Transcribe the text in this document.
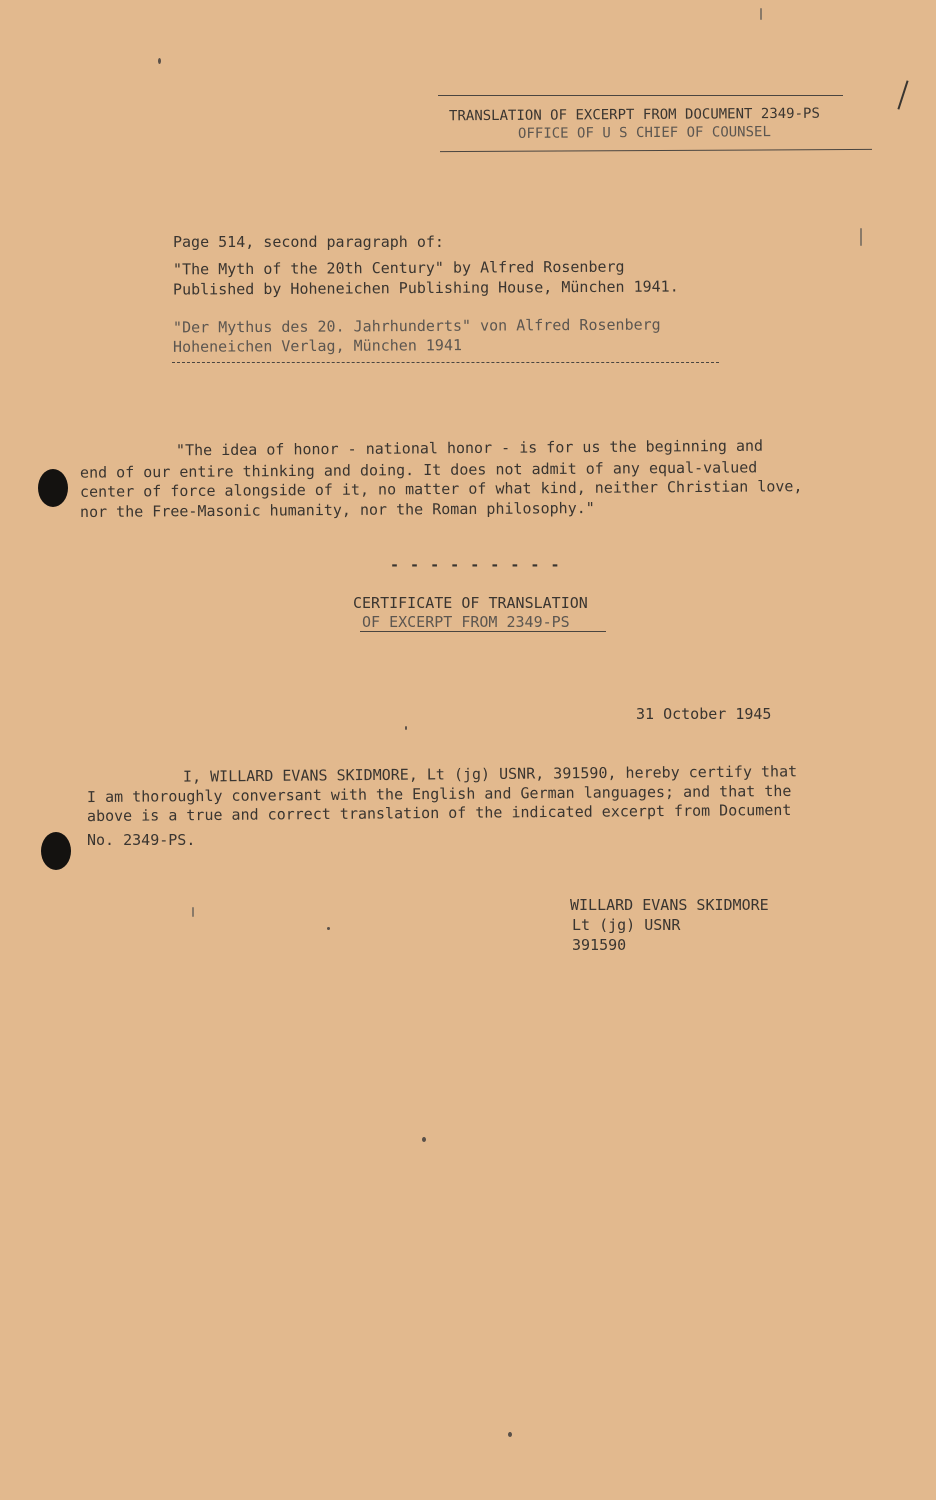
TRANSLATION OF EXCERPT FROM DOCUMENT 2349-PS
OFFICE OF U S CHIEF OF COUNSEL
Page 514, second paragraph of:
"The Myth of the 20th Century" by Alfred Rosenberg
Published by Hoheneichen Publishing House, München 1941.
"Der Mythus des 20. Jahrhunderts" von Alfred Rosenberg
Hoheneichen Verlag, München 1941
"The idea of honor - national honor - is for us the beginning and
end of our entire thinking and doing. It does not admit of any equal-valued
center of force alongside of it, no matter of what kind, neither Christian love,
nor the Free-Masonic humanity, nor the Roman philosophy."
- - - - - - - - -
CERTIFICATE OF TRANSLATION
OF EXCERPT FROM 2349-PS
31 October 1945
I, WILLARD EVANS SKIDMORE, Lt (jg) USNR, 391590, hereby certify that
I am thoroughly conversant with the English and German languages; and that the
above is a true and correct translation of the indicated excerpt from Document
No. 2349-PS.
WILLARD EVANS SKIDMORE
Lt (jg) USNR
391590
